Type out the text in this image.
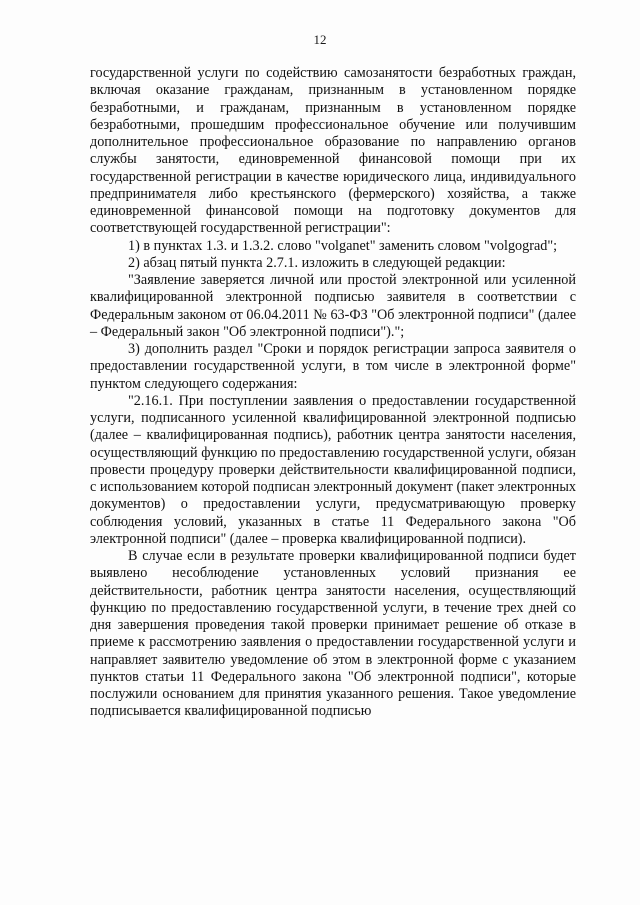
12

государственной услуги по содействию самозанятости безработных граждан, включая оказание гражданам, признанным в установленном порядке безработными, и гражданам, признанным в установленном порядке безработными, прошедшим профессиональное обучение или получившим дополнительное профессиональное образование по направлению органов службы занятости, единовременной финансовой помощи при их государственной регистрации в качестве юридического лица, индивидуального предпринимателя либо крестьянского (фермерского) хозяйства, а также единовременной финансовой помощи на подготовку документов для соответствующей государственной регистрации":

1) в пунктах 1.3. и 1.3.2. слово "volganet" заменить словом "volgograd";

2) абзац пятый пункта 2.7.1. изложить в следующей редакции:

"Заявление заверяется личной или простой электронной или усиленной квалифицированной электронной подписью заявителя в соответствии с Федеральным законом от 06.04.2011 № 63-ФЗ "Об электронной подписи" (далее – Федеральный закон "Об электронной подписи").";

3) дополнить раздел "Сроки и порядок регистрации запроса заявителя о предоставлении государственной услуги, в том числе в электронной форме" пунктом следующего содержания:

"2.16.1. При поступлении заявления о предоставлении государственной услуги, подписанного усиленной квалифицированной электронной подписью (далее – квалифицированная подпись), работник центра занятости населения, осуществляющий функцию по предоставлению государственной услуги, обязан провести процедуру проверки действительности квалифицированной подписи, с использованием которой подписан электронный документ (пакет электронных документов) о предоставлении услуги, предусматривающую проверку соблюдения условий, указанных в статье 11 Федерального закона "Об электронной подписи" (далее – проверка квалифицированной подписи).

В случае если в результате проверки квалифицированной подписи будет выявлено несоблюдение установленных условий признания ее действительности, работник центра занятости населения, осуществляющий функцию по предоставлению государственной услуги, в течение трех дней со дня завершения проведения такой проверки принимает решение об отказе в приеме к рассмотрению заявления о предоставлении государственной услуги и направляет заявителю уведомление об этом в электронной форме с указанием пунктов статьи 11 Федерального закона "Об электронной подписи", которые послужили основанием для принятия указанного решения. Такое уведомление подписывается квалифицированной подписью
